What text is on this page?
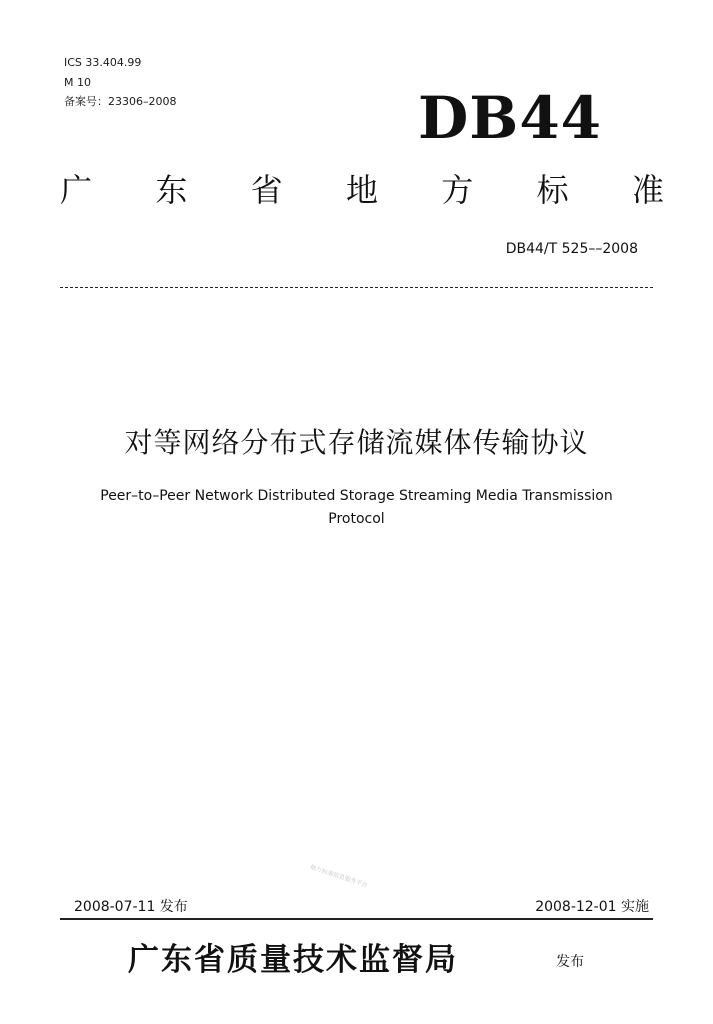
ICS 33.404.99
M 10
备案号：23306–2008	DB44
广 东 省 地 方 标 准
DB44/T 525––2008
对等网络分布式存储流媒体传输协议
Peer–to–Peer Network Distributed Storage Streaming Media Transmission
Protocol
地方标准信息服务平台
2008-07-11 发布	2008-12-01 实施
广东省质量技术监督局	发布
